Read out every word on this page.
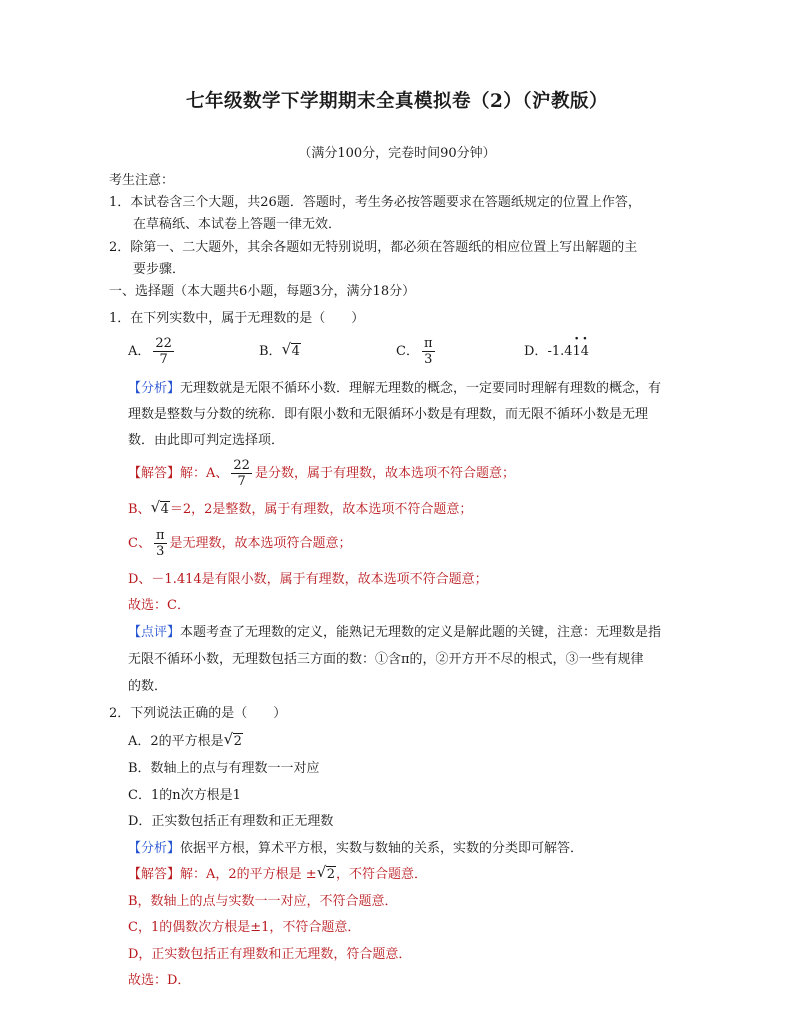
七年级数学下学期期末全真模拟卷（2）（沪教版）
（满分100分，完卷时间90分钟）
考生注意：
1．本试卷含三个大题，共26题．答题时，考生务必按答题要求在答题纸规定的位置上作答，
在草稿纸、本试卷上答题一律无效．
2．除第一、二大题外，其余各题如无特别说明，都必须在答题纸的相应位置上写出解题的主
要步骤．
一、选择题（本大题共6小题，每题3分，满分18分）
1．在下列实数中，属于无理数的是（　　）
A． $\frac{22}{7}$	B． √ 4	C． $\frac{\pi}{3}$	D．-1.4· 1· 4
【分析】无理数就是无限不循环小数．理解无理数的概念，一定要同时理解有理数的概念，有
理数是整数与分数的统称．即有限小数和无限循环小数是有理数，而无限不循环小数是无理
数．由此即可判定选择项．
【解答】解：A、 $\frac{22}{7}$ 是分数，属于有理数，故本选项不符合题意；
B、 √ 4＝2，2是整数，属于有理数，故本选项不符合题意；
C、 $\frac{\pi}{3}$ 是无理数，故本选项符合题意；
D、－1.414是有限小数，属于有理数，故本选项不符合题意；
故选：C．
【点评】本题考查了无理数的定义，能熟记无理数的定义是解此题的关键，注意：无理数是指
无限不循环小数，无理数包括三方面的数：①含π的，②开方开不尽的根式，③一些有规律
的数．
2．下列说法正确的是（　　）
A．2的平方根是 √ 2
B．数轴上的点与有理数一一对应
C．1的n次方根是1
D．正实数包括正有理数和正无理数
【分析】依据平方根，算术平方根，实数与数轴的关系，实数的分类即可解答．
【解答】解：A，2的平方根是 ± √ 2，不符合题意．
B，数轴上的点与实数一一对应，不符合题意．
C，1的偶数次方根是±1，不符合题意．
D，正实数包括正有理数和正无理数，符合题意．
故选：D．
